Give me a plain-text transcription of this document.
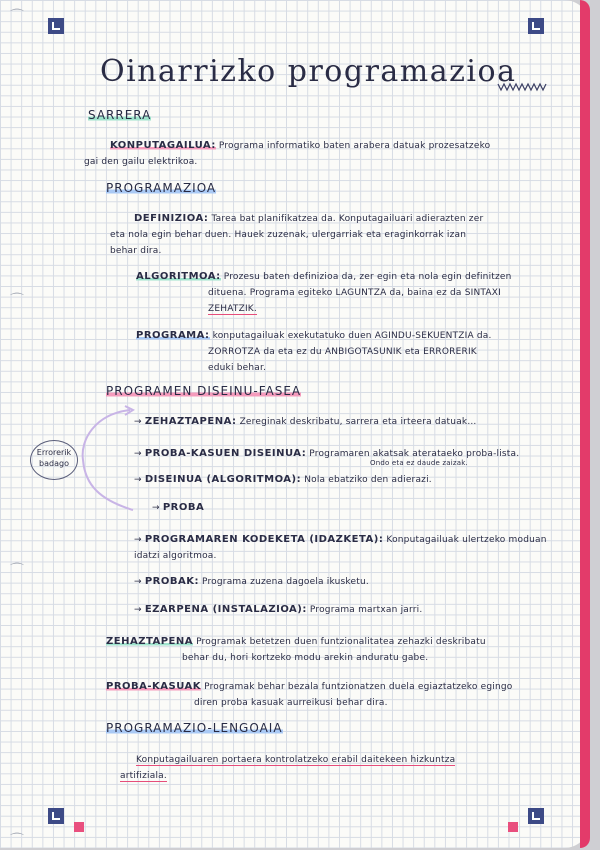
⌒
⌒
⌒
⌒
Oinarrizko programazioa
SARRERA
KONPUTAGAILUA: Programa informatiko baten arabera datuak prozesatzeko
gai den gailu elektrikoa.
PROGRAMAZIOA
DEFINIZIOA: Tarea bat planifikatzea da. Konputagailuari adierazten zer
eta nola egin behar duen. Hauek zuzenak, ulergarriak eta eraginkorrak izan
behar dira.
ALGORITMOA: Prozesu baten definizioa da, zer egin eta nola egin definitzen
dituena. Programa egiteko LAGUNTZA da, baina ez da SINTAXI
ZEHATZIK.
PROGRAMA: konputagailuak exekutatuko duen AGINDU-SEKUENTZIA da.
ZORROTZA da eta ez du ANBIGOTASUNIK eta ERRORERIK
eduki behar.
PROGRAMEN DISEINU-FASEA
Errorerik
badago
→ ZEHAZTAPENA: Zereginak deskribatu, sarrera eta irteera datuak...
→ PROBA-KASUEN DISEINUA: Programaren akatsak aterataeko proba-lista.
Ondo eta ez daude zaizak.
→ DISEINUA (ALGORITMOA): Nola ebatziko den adierazi.
→ PROBA
→ PROGRAMAREN KODEKETA (IDAZKETA): Konputagailuak ulertzeko moduan
idatzi algoritmoa.
→ PROBAK: Programa zuzena dagoela ikusketu.
→ EZARPENA (INSTALAZIOA): Programa martxan jarri.
ZEHAZTAPENA Programak betetzen duen funtzionalitatea zehazki deskribatu
behar du, hori kortzeko modu arekin anduratu gabe.
PROBA-KASUAK Programak behar bezala funtzionatzen duela egiaztatzeko egingo
diren proba kasuak aurreikusi behar dira.
PROGRAMAZIO-LENGOAIA
Konputagailuaren portaera kontrolatzeko erabil daitekeen hizkuntza
artifiziala.
